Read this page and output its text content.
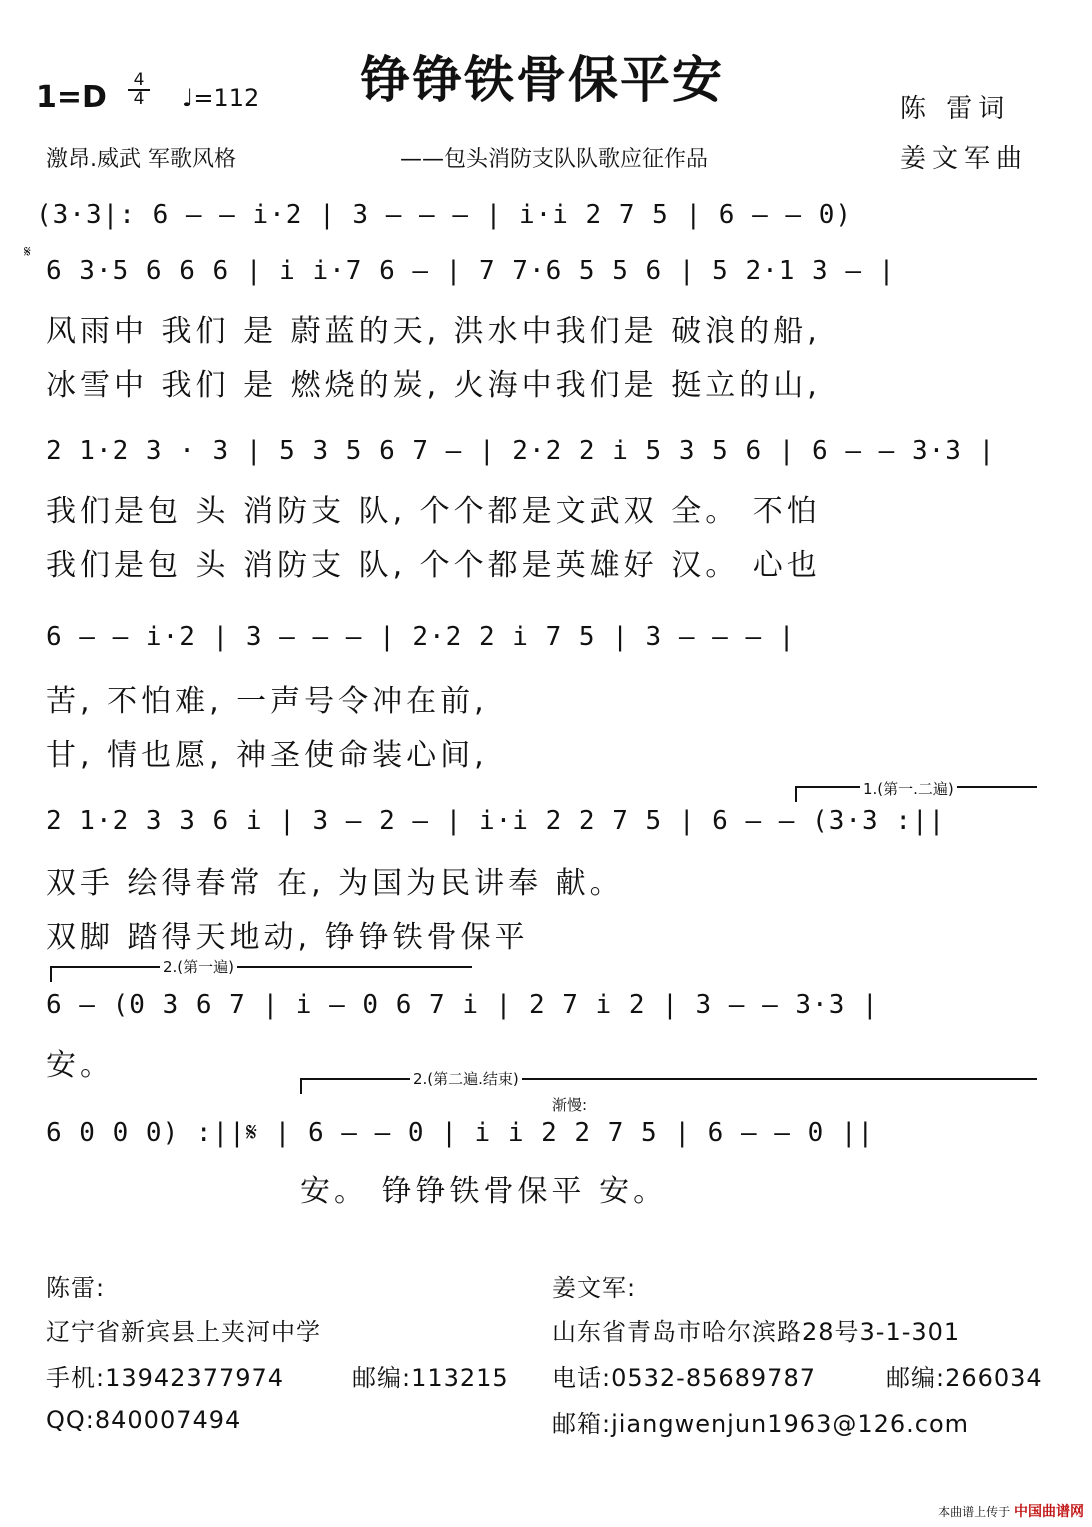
铮铮铁骨保平安
1=D	4
4 ♩=112
激昂.威武 军歌风格	——包头消防支队队歌应征作品
陈 雷词
姜文军曲
(3·3|: 6 — — i·2 | 3 — — — | i·i 2 7 5 | 6 — — 0)
𝄋
6 3·5 6 6 6 | i i·7 6 — | 7 7·6 5 5 6 | 5 2·1 3 — |
风雨中 我们 是 蔚蓝的天, 洪水中我们是 破浪的船,
冰雪中 我们 是 燃烧的炭, 火海中我们是 挺立的山,
2 1·2 3 · 3 | 5 3 5 6 7 — | 2·2 2 i 5 3 5 6 | 6 — — 3·3 |
我们是包 头 消防支 队, 个个都是文武双 全。 不怕
我们是包 头 消防支 队, 个个都是英雄好 汉。 心也
6 — — i·2 | 3 — — — | 2·2 2 i 7 5 | 3 — — — |
苦, 不怕难, 一声号令冲在前,
甘, 情也愿, 神圣使命装心间,
1.(第一.二遍)
2 1·2 3 3 6 i | 3 — 2 — | i·i 2 2 7 5 | 6 — — (3·3 :||
双手 绘得春常 在, 为国为民讲奉 献。
双脚 踏得天地动, 铮铮铁骨保平
2.(第一遍)
6 — (0 3 6 7 | i — 0 6 7 i | 2 7 i 2 | 3 — — 3·3 |
安。	2.(第二遍.结束)
渐慢:
6 0 0 0) :||𝄋 | 6 — — 0 | i i 2 2 7 5 | 6 — — 0 ||
安。 铮铮铁骨保平 安。
陈雷:
辽宁省新宾县上夹河中学
手机:13942377974	邮编:113215
QQ:840007494
姜文军:
山东省青岛市哈尔滨路28号3-1-301
电话:0532-85689787	邮编:266034
邮箱:jiangwenjun1963@126.com
本曲谱上传于 中国曲谱网
